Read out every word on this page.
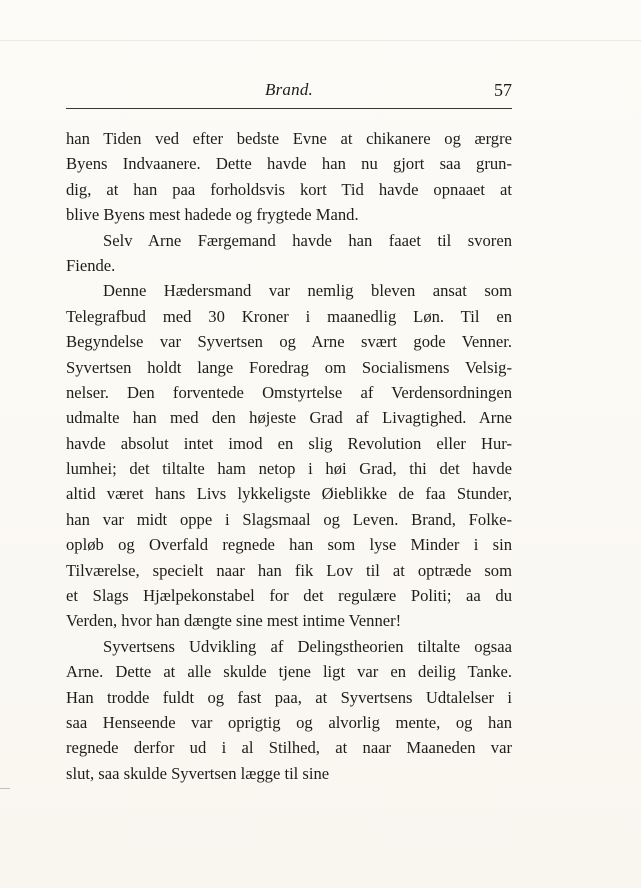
Brand.	57
han Tiden ved efter bedste Evne at chikanere og ærgre
Byens Indvaanere. Dette havde han nu gjort saa grun-
dig, at han paa forholdsvis kort Tid havde opnaaet at
blive Byens mest hadede og frygtede Mand.
Selv Arne Færgemand havde han faaet til svoren
Fiende.
Denne Hædersmand var nemlig bleven ansat som
Telegrafbud med 30 Kroner i maanedlig Løn. Til en
Begyndelse var Syvertsen og Arne svært gode Venner.
Syvertsen holdt lange Foredrag om Socialismens Velsig-
nelser. Den forventede Omstyrtelse af Verdensordningen
udmalte han med den højeste Grad af Livagtighed. Arne
havde absolut intet imod en slig Revolution eller Hur-
lumhei; det tiltalte ham netop i høi Grad, thi det havde
altid været hans Livs lykkeligste Øieblikke de faa Stunder,
han var midt oppe i Slagsmaal og Leven. Brand, Folke-
opløb og Overfald regnede han som lyse Minder i sin
Tilværelse, specielt naar han fik Lov til at optræde som
et Slags Hjælpekonstabel for det regulære Politi; aa du
Verden, hvor han dængte sine mest intime Venner!
Syvertsens Udvikling af Delingstheorien tiltalte ogsaa
Arne. Dette at alle skulde tjene ligt var en deilig Tanke.
Han trodde fuldt og fast paa, at Syvertsens Udtalelser i
saa Henseende var oprigtig og alvorlig mente, og han
regnede derfor ud i al Stilhed, at naar Maaneden var
slut, saa skulde Syvertsen lægge til sine
